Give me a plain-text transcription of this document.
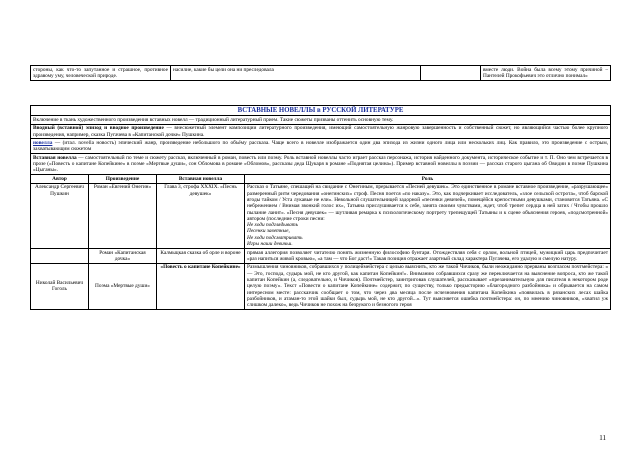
стороны, как что-то запутанное и страшное, противное здравому уму, человеческой природе.	насилие, какие бы цели она ни преследовала		вместе люди. Война была всему этому причиной – Пантелей Прокофьевич это отлично понимал»
ВСТАВНЫЕ НОВЕЛЛЫ в РУССКОЙ ЛИТЕРАТУРЕ			
Включение в ткань художественного произведения вставных новелл — традиционный литературный прием. Такие сюжеты призваны оттенить основную тему.			
Вводный (вставной) эпизод и вводное произведение — внесюжетный элемент композиции литературного произведения, имеющий самостоятельную жанровую завершенность и собственный сюжет, но являющийся частью более крупного произведения, например, сказка Пугачева в «Капитанской дочке» Пушкина.			
новелла — (итал. novella новость) эпический жанр, произведение небольшого по объёму рассказа. Чаще всего в новелле изображается один два эпизода из жизни одного лица или нескольких лиц. Как правило, это произведение с острым, захватывающим сюжетом			
Вставная новелла — самостоятельный по теме и сюжету рассказ, включенный в роман, повесть или поэму. Роль вставной новеллы часто играет рассказ персонажа, история найденного документа, историческое событие и т. П. Оно чем встречается в прозе («Повесть о капитане Копейкине» в поэме «Мертвые души», сон Обломова в романе «Обломов», рассказы деда Щукаря в романе «Поднятая целина»). Пример вставной новеллы в поэзии — рассказ старого цыгана об Овидии в поэме Пушкина «Цыганы».			
Автор	Произведение	Вставная новелла	Роль
Александр Сергеевич Пушкин	Роман «Евгений Онегин»	Глава 3, строфа XXXIX. «Песнь девушек»	Рассказ о Татьяне, спешащей на свидание с Онегиным, прерывается «Песней девушек». Это единственное в романе вставное произведение, «разрушающее» размеренный ритм чередования «онегинских» строф. Песня поется «по наказу». Это, как подчеркивает исследователь, «злое сельской острота», чтоб барской ягоды тайком / Уста лукавые не ели». Невольной слушательницей задорной «песенки девичей», помещёйся крепостными девушками, становится Татьяна. «С небрежением / Внимая звонкий голос их», Татьяна прислушивается к себе, занята своими чувствами, ждет, чтоб трепет сердца в ней затих / Чтобы прошло пылание ланит». «Песня девушек» — шутливая ремарка к психологическому портрету трепещущей Татьяны и к сцене объяснения героев, «подсмотренной» автором (последние строки песни:
Не ходи подглядывать
Песенки заветные,
Не ходи подсматривать
Игры наши девичьи.

	Роман «Капитанская дочка»	Калмыцкая сказка об орле и вороне	прямая аллегория позволяет читателю понять жизненную философию бунтаря. Отождествляя себя с орлом, вольной птицей, мужицкий царь предпочитает «раз напиться живой кровью», «а там — что Бог даст!» Такая позиция отражает азартный склад характера Пугачева, его удалую и смелую натуру.
Николай Васильевич Гоголь	Поэма «Мертвые души»	«Повесть о капитане Копейкине»	Размышления чиновников, собравшихся у полицеймейстера с целью выяснить, кто же такой Чичиков, были неожиданно прерваны возгласом почтмейстера: « — Это, господа, судырь мой, не кто другой, как капитан Копейкин!». Вниманию собравшихся сразу же переключается на выяснение вопроса, кто же такой капитан Копейкин (а, следовательно, и Чичиков). Почтмейстер, заинтриговав слушателей, рассказывает «презанимательную для писателя в некотором роде целую поэму». Текст «Повести о капитане Копейкине» содержит, по существу, только предысторию «благородного разбойника» и обрывается на самом интересном месте: рассказчик сообщает о том, что через два месяца после исчезновения капитана Копейкина «появилась в рязанских лесах шайка разбойников, и атаман-то этой шайки был, судырь мой, не кто другой...». Тут выясняется ошибка почтмейстера: он, по мнению чиновников, «хватил уж слишком далеко», ведь Чичиков не похож на безрукого и безногого героя
11
